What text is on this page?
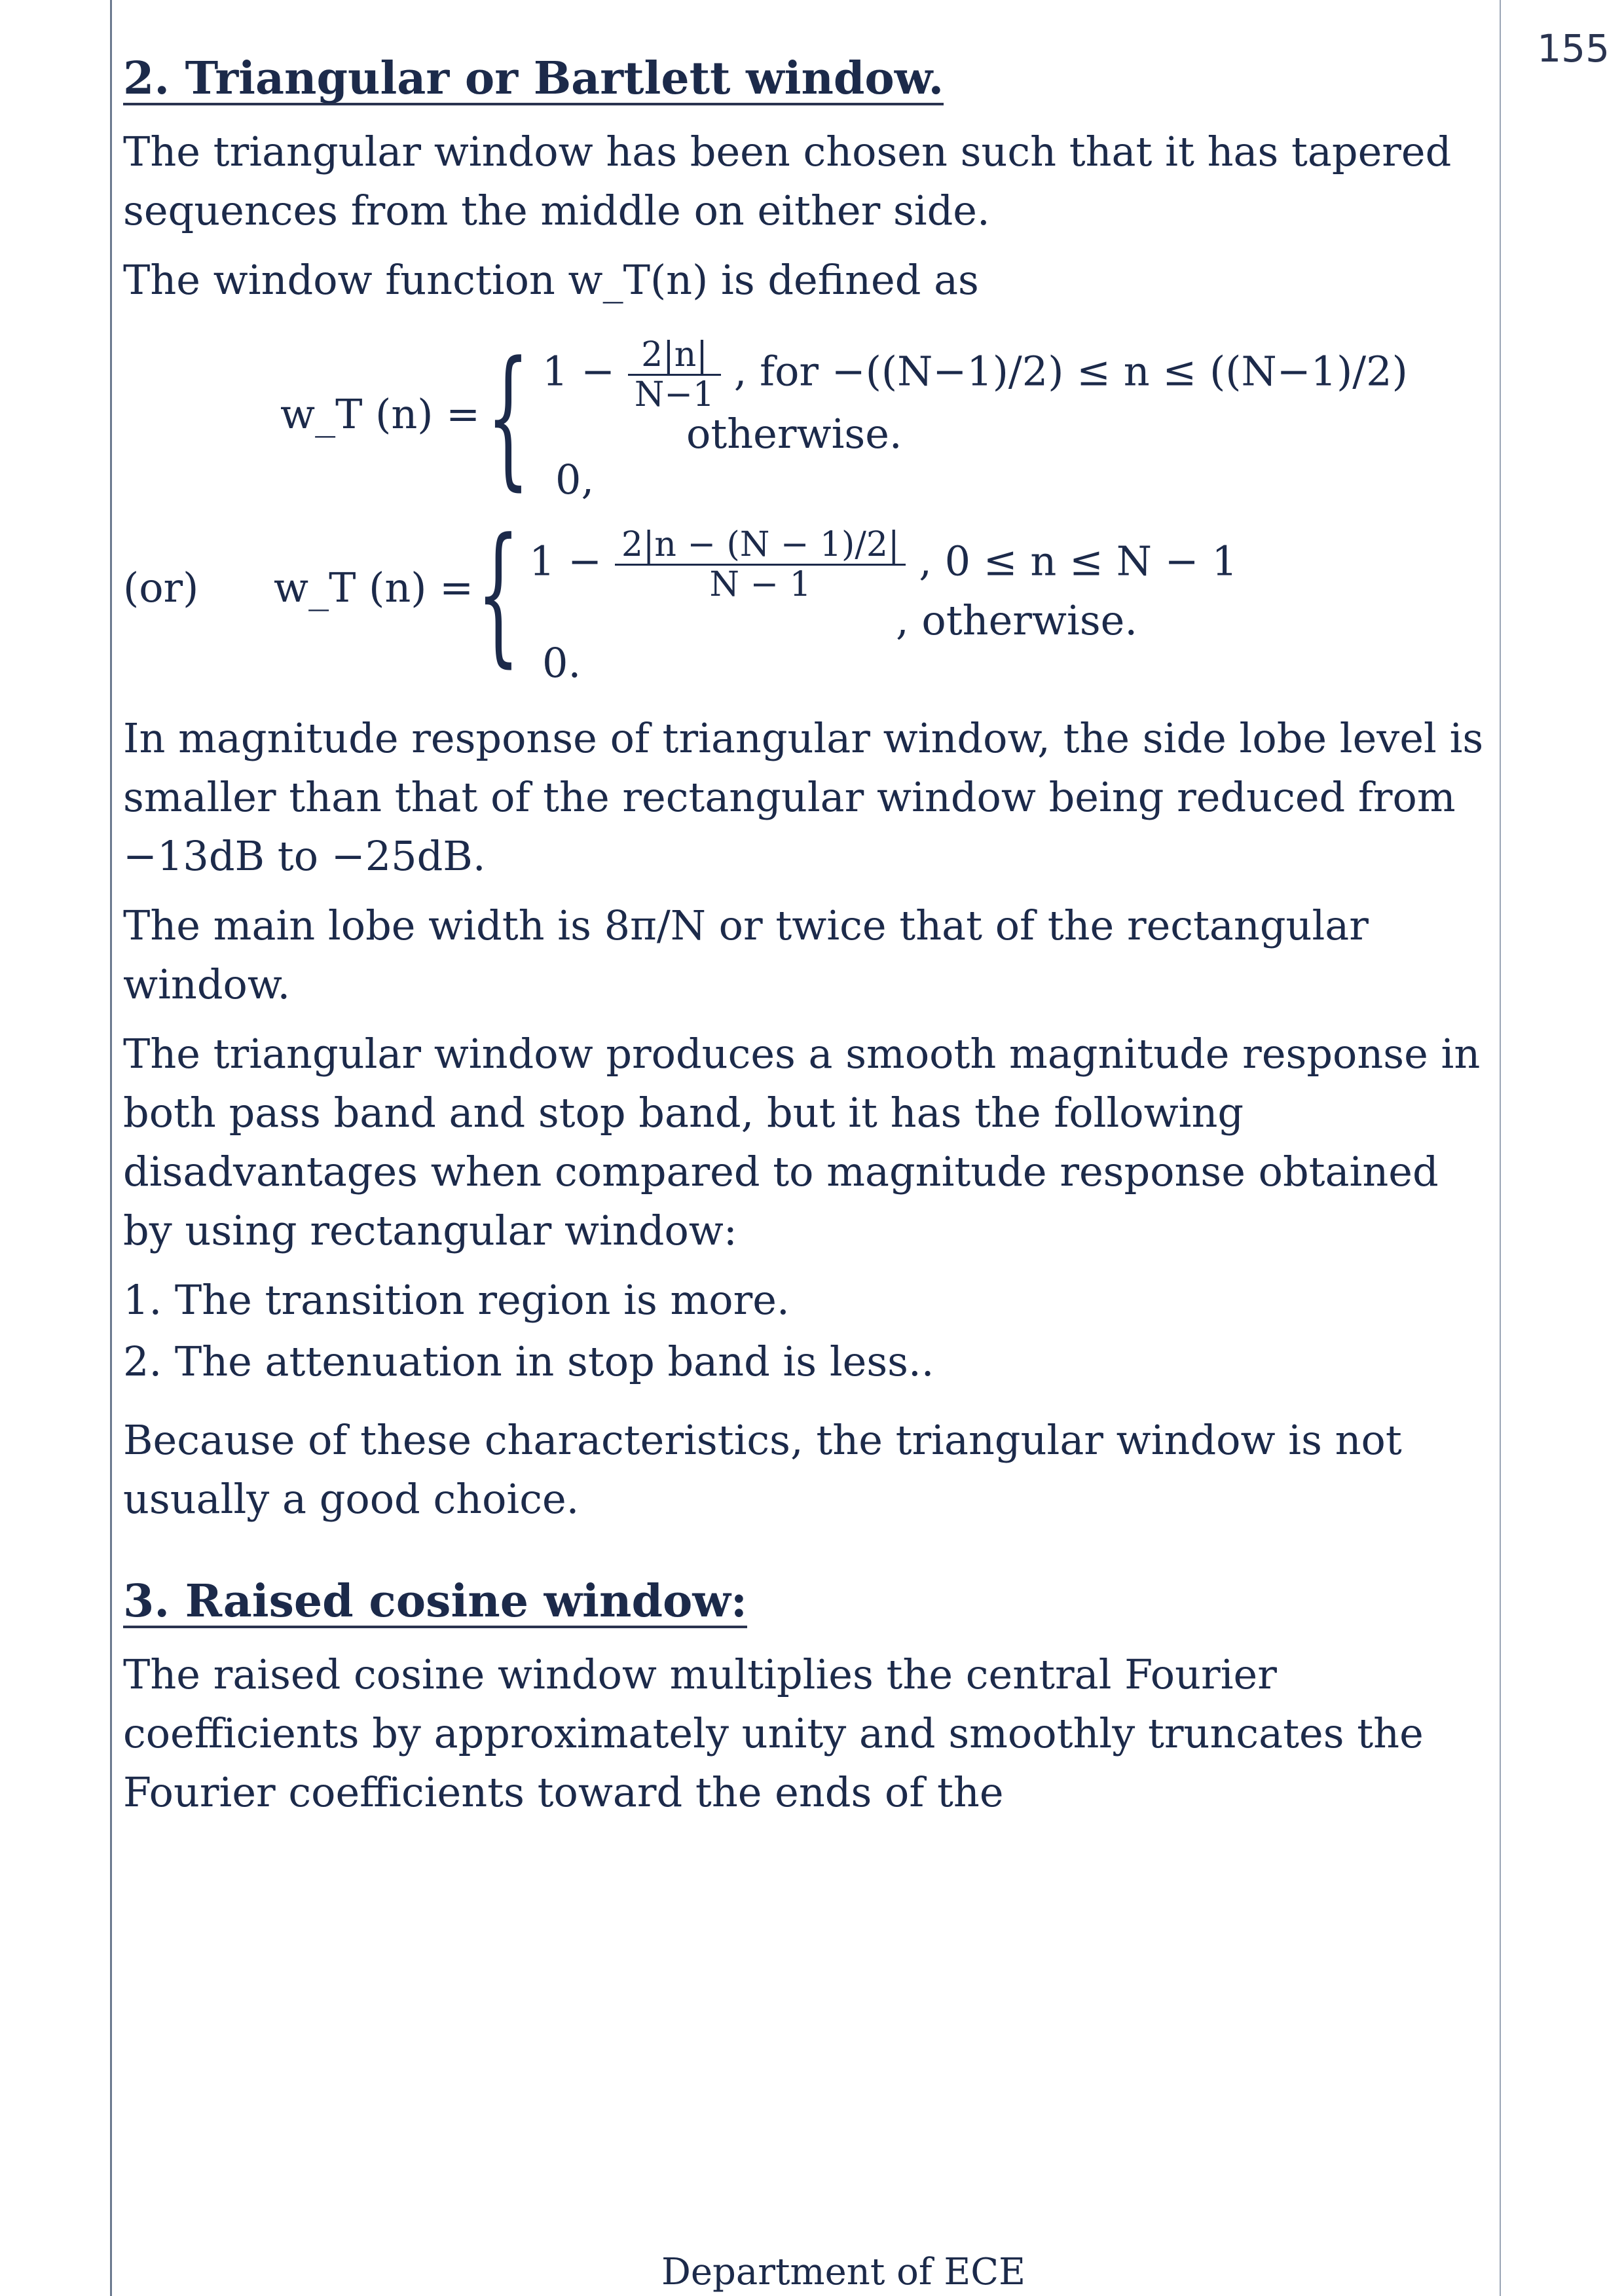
155
2. Triangular or Bartlett window.

The triangular window has been chosen such that it has tapered sequences from the middle on either side.

The window function w_T(n) is defined as

w_T (n) = { $1 - \frac{2|n|}{N-1}$ , for −((N−1)/2) ≤ n ≤ ((N−1)/2)
otherwise.
0,
(or) w_T (n) = { $1 - \frac{2|n - (N - 1)/2|}{N - 1}$ , 0 ≤ n ≤ N − 1
, otherwise.
0.

In magnitude response of triangular window, the side lobe level is smaller than that of the rectangular window being reduced from −13dB to −25dB.

The main lobe width is 8π/N or twice that of the rectangular window.

The triangular window produces a smooth magnitude response in both pass band and stop band, but it has the following disadvantages when compared to magnitude response obtained by using rectangular window:

1. The transition region is more.
2. The attenuation in stop band is less..

Because of these characteristics, the triangular window is not usually a good choice.

3. Raised cosine window:

The raised cosine window multiplies the central Fourier coefficients by approximately unity and smoothly truncates the Fourier coefficients toward the ends of the

Department of ECE
